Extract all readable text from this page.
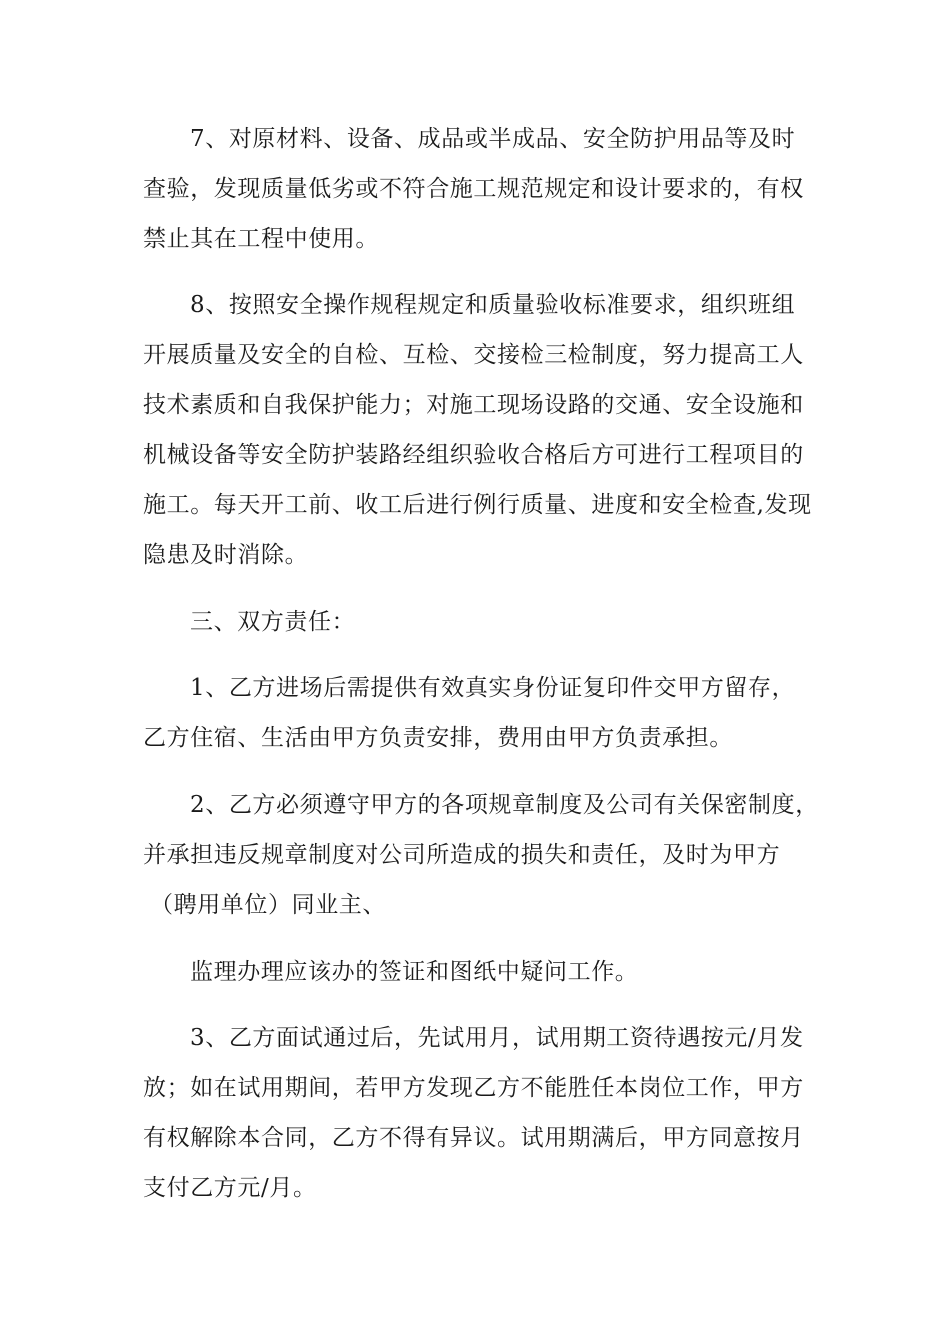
7、对原材料、设备、成品或半成品、安全防护用品等及时
查验，发现质量低劣或不符合施工规范规定和设计要求的，有权
禁止其在工程中使用。
8、按照安全操作规程规定和质量验收标准要求，组织班组
开展质量及安全的自检、互检、交接检三检制度，努力提高工人
技术素质和自我保护能力；对施工现场设路的交通、安全设施和
机械设备等安全防护装路经组织验收合格后方可进行工程项目的
施工。每天开工前、收工后进行例行质量、进度和安全检查,发现
隐患及时消除。
三、双方责任：
1、乙方进场后需提供有效真实身份证复印件交甲方留存，
乙方住宿、生活由甲方负责安排，费用由甲方负责承担。
2、乙方必须遵守甲方的各项规章制度及公司有关保密制度，
并承担违反规章制度对公司所造成的损失和责任，及时为甲方
（聘用单位）同业主、
监理办理应该办的签证和图纸中疑问工作。
3、乙方面试通过后，先试用月，试用期工资待遇按元/月发
放；如在试用期间，若甲方发现乙方不能胜任本岗位工作，甲方
有权解除本合同，乙方不得有异议。试用期满后，甲方同意按月
支付乙方元/月。
